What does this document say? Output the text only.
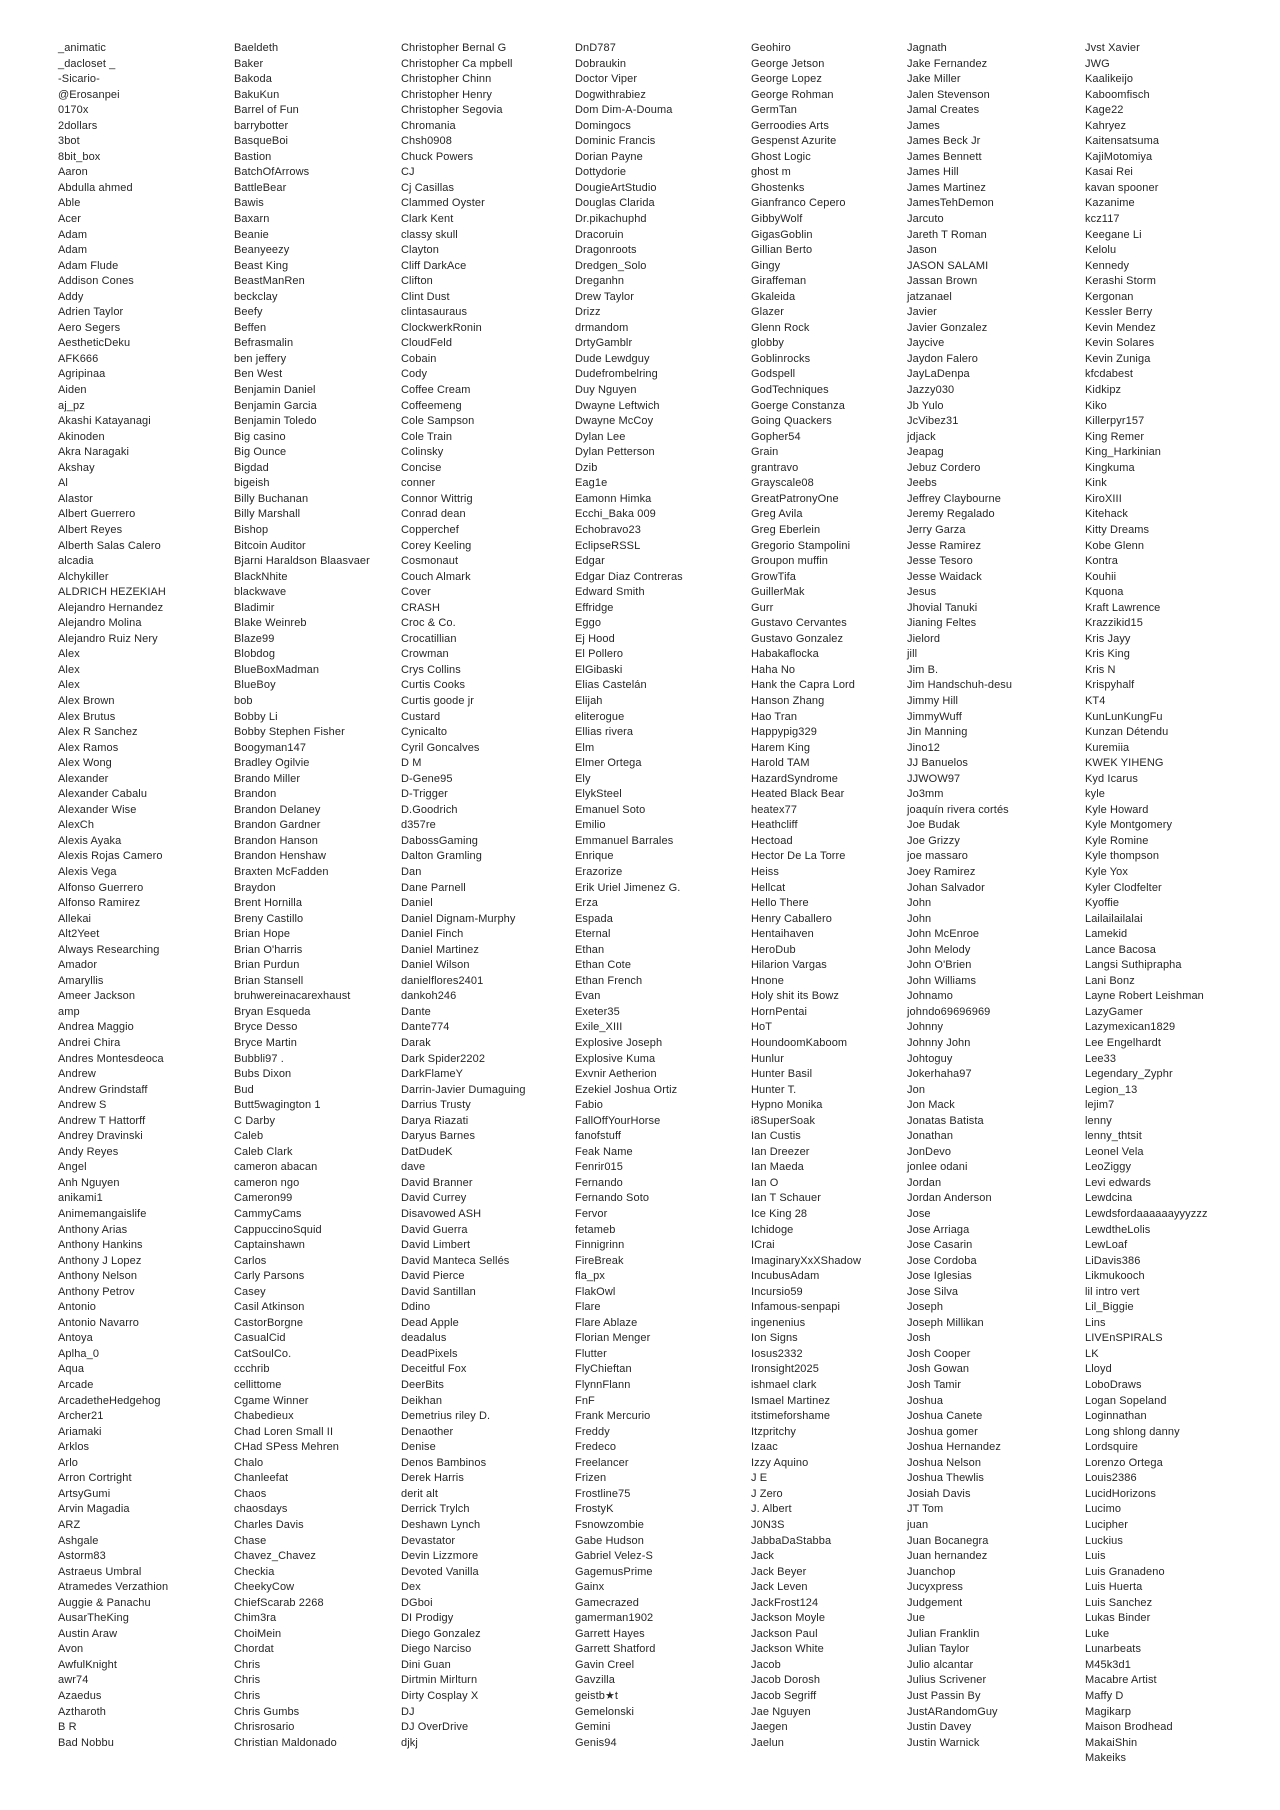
_animatic
_dacloset _
-Sicario-
@Erosanpei
0170x
2dollars
3bot
8bit_box
Aaron
Abdulla ahmed
Able
Acer
Adam
Adam
Adam Flude
Addison Cones
Addy
Adrien Taylor
Aero Segers
AestheticDeku
AFK666
Agripinaa
Aiden
aj_pz
Akashi Katayanagi
Akinoden
Akra Naragaki
Akshay
Al
Alastor
Albert Guerrero
Albert Reyes
Alberth Salas Calero
alcadia
Alchykiller
ALDRICH HEZEKIAH
Alejandro Hernandez
Alejandro Molina
Alejandro Ruiz Nery
Alex
Alex
Alex
Alex Brown
Alex Brutus
Alex R Sanchez
Alex Ramos
Alex Wong
Alexander
Alexander Cabalu
Alexander Wise
AlexCh
Alexis Ayaka
Alexis Rojas Camero
Alexis Vega
Alfonso Guerrero
Alfonso Ramirez
Allekai
Alt2Yeet
Always Researching
Amador
Amaryllis
Ameer Jackson
amp
Andrea Maggio
Andrei Chira
Andres Montesdeoca
Andrew
Andrew Grindstaff
Andrew S
Andrew T Hattorff
Andrey Dravinski
Andy Reyes
Angel
Anh Nguyen
anikami1
Animemangaislife
Anthony Arias
Anthony Hankins
Anthony J Lopez
Anthony Nelson
Anthony Petrov
Antonio
Antonio Navarro
Antoya
Aplha_0
Aqua
Arcade
ArcadetheHedgehog
Archer21
Ariamaki
Arklos
Arlo
Arron Cortright
ArtsyGumi
Arvin Magadia
ARZ
Ashgale
Astorm83
Astraeus Umbral
Atramedes Verzathion
Auggie & Panachu
AusarTheKing
Austin Araw
Avon
AwfulKnight
awr74
Azaedus
Aztharoth
B R
Bad Nobbu
Baeldeth
Baker
Bakoda
BakuKun
Barrel of Fun
barrybotter
BasqueBoi
Bastion
BatchOfArrows
BattleBear
Bawis
Baxarn
Beanie
Beanyeezy
Beast King
BeastManRen
beckclay
Beefy
Beffen
Befrasmalin
ben jeffery
Ben West
Benjamin Daniel
Benjamin Garcia
Benjamin Toledo
Big casino
Big Ounce
Bigdad
bigeish
Billy Buchanan
Billy Marshall
Bishop
Bitcoin Auditor
Bjarni Haraldson Blaasvaer
BlackNhite
blackwave
Bladimir
Blake Weinreb
Blaze99
Blobdog
BlueBoxMadman
BlueBoy
bob
Bobby Li
Bobby Stephen Fisher
Boogyman147
Bradley Ogilvie
Brando Miller
Brandon
Brandon Delaney
Brandon Gardner
Brandon Hanson
Brandon Henshaw
Braxten McFadden
Braydon
Brent Hornilla
Breny Castillo
Brian Hope
Brian O'harris
Brian Purdun
Brian Stansell
bruhwereinacarexhaust
Bryan Esqueda
Bryce Desso
Bryce Martin
Bubbli97 .
Bubs Dixon
Bud
Butt5wagington 1
C Darby
Caleb
Caleb Clark
cameron abacan
cameron ngo
Cameron99
CammyCams
CappuccinoSquid
Captainshawn
Carlos
Carly Parsons
Casey
Casil Atkinson
CastorBorgne
CasualCid
CatSoulCo.
ccchrib
cellittome
Cgame Winner
Chabedieux
Chad Loren Small II
CHad SPess Mehren
Chalo
Chanleefat
Chaos
chaosdays
Charles Davis
Chase
Chavez_Chavez
Checkia
CheekyCow
ChiefScarab 2268
Chim3ra
ChoiMein
Chordat
Chris
Chris
Chris
Chris Gumbs
Chrisrosario
Christian Maldonado
Christopher Bernal G
Christopher Ca mpbell
Christopher Chinn
Christopher Henry
Christopher Segovia
Chromania
Chsh0908
Chuck Powers
CJ
Cj Casillas
Clammed Oyster
Clark Kent
classy skull
Clayton
Cliff DarkAce
Clifton
Clint Dust
clintasauraus
ClockwerkRonin
CloudFeld
Cobain
Cody
Coffee Cream
Coffeemeng
Cole Sampson
Cole Train
Colinsky
Concise
conner
Connor Wittrig
Conrad dean
Copperchef
Corey Keeling
Cosmonaut
Couch Almark
Cover
CRASH
Croc & Co.
Crocatillian
Crowman
Crys Collins
Curtis Cooks
Curtis goode jr
Custard
Cynicalto
Cyril Goncalves
D M
D-Gene95
D-Trigger
D.Goodrich
d357re
DabossGaming
Dalton Gramling
Dan
Dane Parnell
Daniel
Daniel Dignam-Murphy
Daniel Finch
Daniel Martinez
Daniel Wilson
danielflores2401
dankoh246
Dante
Dante774
Darak
Dark Spider2202
DarkFlameY
Darrin-Javier Dumaguing
Darrius Trusty
Darya Riazati
Daryus Barnes
DatDudeK
dave
David Branner
David Currey
Disavowed ASH
David Guerra
David Limbert
David Manteca Sellés
David Pierce
David Santillan
Ddino
Dead Apple
deadalus
DeadPixels
Deceitful Fox
DeerBits
Deikhan
Demetrius riley D.
Denaother
Denise
Denos Bambinos
Derek Harris
derit alt
Derrick Trylch
Deshawn Lynch
Devastator
Devin Lizzmore
Devoted Vanilla
Dex
DGboi
DI Prodigy
Diego Gonzalez
Diego Narciso
Dini Guan
Dirtmin Mirlturn
Dirty Cosplay X
DJ
DJ OverDrive
djkj
DnD787
Dobraukin
Doctor Viper
Dogwithrabiez
Dom Dim-A-Douma
Domingocs
Dominic Francis
Dorian Payne
Dottydorie
DougieArtStudio
Douglas Clarida
Dr.pikachuphd
Dracoruin
Dragonroots
Dredgen_Solo
Dreganhn
Drew Taylor
Drizz
drmandom
DrtyGamblr
Dude Lewdguy
Dudefrombelring
Duy Nguyen
Dwayne Leftwich
Dwayne McCoy
Dylan Lee
Dylan Petterson
Dzib
Eag1e
Eamonn Himka
Ecchi_Baka 009
Echobravo23
EclipseRSSL
Edgar
Edgar Diaz Contreras
Edward Smith
Effridge
Eggo
Ej Hood
El Pollero
ElGibaski
Elias Castelán
Elijah
eliterogue
Ellias rivera
Elm
Elmer Ortega
Ely
ElykSteel
Emanuel Soto
Emilio
Emmanuel Barrales
Enrique
Erazorize
Erik Uriel Jimenez G.
Erza
Espada
Eternal
Ethan
Ethan Cote
Ethan French
Evan
Exeter35
Exile_XIII
Explosive Joseph
Explosive Kuma
Exvnir Aetherion
Ezekiel Joshua Ortiz
Fabio
FallOffYourHorse
fanofstuff
Feak Name
Fenrir015
Fernando
Fernando Soto
Fervor
fetameb
Finnigrinn
FireBreak
fla_px
FlakOwl
Flare
Flare Ablaze
Florian Menger
Flutter
FlyChieftan
FlynnFlann
FnF
Frank Mercurio
Freddy
Fredeco
Freelancer
Frizen
Frostline75
FrostyK
Fsnowzombie
Gabe Hudson
Gabriel Velez-S
GagemusPrime
Gainx
Gamecrazed
gamerman1902
Garrett Hayes
Garrett Shatford
Gavin Creel
Gavzilla
geistb★t
Gemelonski
Gemini
Genis94
Geohiro
George Jetson
George Lopez
George Rohman
GermTan
Gerroodies Arts
Gespenst Azurite
Ghost Logic
ghost m
Ghostenks
Gianfranco Cepero
GibbyWolf
GigasGoblin
Gillian Berto
Gingy
Giraffeman
Gkaleida
Glazer
Glenn Rock
globby
Goblinrocks
Godspell
GodTechniques
Goerge Constanza
Going Quackers
Gopher54
Grain
grantravo
Grayscale08
GreatPatronyOne
Greg Avila
Greg Eberlein
Gregorio Stampolini
Groupon muffin
GrowTifa
GuillerMak
Gurr
Gustavo Cervantes
Gustavo Gonzalez
Habakaflocka
Haha No
Hank the Capra Lord
Hanson Zhang
Hao Tran
Happypig329
Harem King
Harold TAM
HazardSyndrome
Heated Black Bear
heatex77
Heathcliff
Hectoad
Hector De La Torre
Heiss
Hellcat
Hello There
Henry Caballero
Hentaihaven
HeroDub
Hilarion Vargas
Hnone
Holy shit its Bowz
HornPentai
HoT
HoundoomKaboom
Hunlur
Hunter Basil
Hunter T.
Hypno Monika
i8SuperSoak
Ian Custis
Ian Dreezer
Ian Maeda
Ian O
Ian T Schauer
Ice King 28
Ichidoge
ICrai
ImaginaryXxXShadow
IncubusAdam
Incursio59
Infamous-senpapi
ingenenius
Ion Signs
Iosus2332
Ironsight2025
ishmael clark
Ismael Martinez
itstimeforshame
Itzpritchy
Izaac
Izzy Aquino
J E
J Zero
J. Albert
J0N3S
JabbaDaStabba
Jack
Jack Beyer
Jack Leven
JackFrost124
Jackson Moyle
Jackson Paul
Jackson White
Jacob
Jacob Dorosh
Jacob Segriff
Jae Nguyen
Jaegen
Jaelun
Jagnath
Jake Fernandez
Jake Miller
Jalen Stevenson
Jamal Creates
James
James Beck Jr
James Bennett
James Hill
James Martinez
JamesTehDemon
Jarcuto
Jareth T Roman
Jason
JASON SALAMI
Jassan Brown
jatzanael
Javier
Javier Gonzalez
Jaycive
Jaydon Falero
JayLaDenpa
Jazzy030
Jb Yulo
JcVibez31
jdjack
Jeapag
Jebuz Cordero
Jeebs
Jeffrey Claybourne
Jeremy Regalado
Jerry Garza
Jesse Ramirez
Jesse Tesoro
Jesse Waidack
Jesus
Jhovial Tanuki
Jianing Feltes
Jielord
jill
Jim B.
Jim Handschuh-desu
Jimmy Hill
JimmyWuff
Jin Manning
Jino12
JJ Banuelos
JJWOW97
Jo3mm
joaquín rivera cortés
Joe Budak
Joe Grizzy
joe massaro
Joey Ramirez
Johan Salvador
John
John
John McEnroe
John Melody
John O'Brien
John Williams
Johnamo
johndo69696969
Johnny
Johnny John
Johtoguy
Jokerhaha97
Jon
Jon Mack
Jonatas Batista
Jonathan
JonDevo
jonlee odani
Jordan
Jordan Anderson
Jose
Jose Arriaga
Jose Casarin
Jose Cordoba
Jose Iglesias
Jose Silva
Joseph
Joseph Millikan
Josh
Josh Cooper
Josh Gowan
Josh Tamir
Joshua
Joshua Canete
Joshua gomer
Joshua Hernandez
Joshua Nelson
Joshua Thewlis
Josiah Davis
JT Tom
juan
Juan Bocanegra
Juan hernandez
Juanchop
Jucyxpress
Judgement
Jue
Julian Franklin
Julian Taylor
Julio alcantar
Julius Scrivener
Just Passin By
JustARandomGuy
Justin Davey
Justin Warnick
Jvst Xavier
JWG
Kaalikeijo
Kaboomfisch
Kage22
Kahryez
Kaitensatsuma
KajiMotomiya
Kasai Rei
kavan spooner
Kazanime
kcz117
Keegane Li
Kelolu
Kennedy
Kerashi Storm
Kergonan
Kessler Berry
Kevin Mendez
Kevin Solares
Kevin Zuniga
kfcdabest
Kidkipz
Kiko
Killerpyr157
King Remer
King_Harkinian
Kingkuma
Kink
KiroXIII
Kitehack
Kitty Dreams
Kobe Glenn
Kontra
Kouhii
Kquona
Kraft Lawrence
Krazzikid15
Kris Jayy
Kris King
Kris N
Krispyhalf
KT4
KunLunKungFu
Kunzan Détendu
Kuremiia
KWEK YIHENG
Kyd Icarus
kyle
Kyle Howard
Kyle Montgomery
Kyle Romine
Kyle thompson
Kyle Yox
Kyler Clodfelter
Kyoffie
Lailailailalai
Lamekid
Lance Bacosa
Langsi Suthiprapha
Lani Bonz
Layne Robert Leishman
LazyGamer
Lazymexican1829
Lee Engelhardt
Lee33
Legendary_Zyphr
Legion_13
lejim7
lenny
lenny_thtsit
Leonel Vela
LeoZiggy
Levi edwards
Lewdcina
Lewdsfordaaaaaayyyzzz
LewdtheLolis
LewLoaf
LiDavis386
Likmukooch
lil intro vert
Lil_Biggie
Lins
LIVEnSPIRALS
LK
Lloyd
LoboDraws
Logan Sopeland
Loginnathan
Long shlong danny
Lordsquire
Lorenzo Ortega
Louis2386
LucidHorizons
Lucimo
Lucipher
Luckius
Luis
Luis Granadeno
Luis Huerta
Luis Sanchez
Lukas Binder
Luke
Lunarbeats
M45k3d1
Macabre Artist
Maffy D
Magikarp
Maison Brodhead
MakaiShin
Makeiks
